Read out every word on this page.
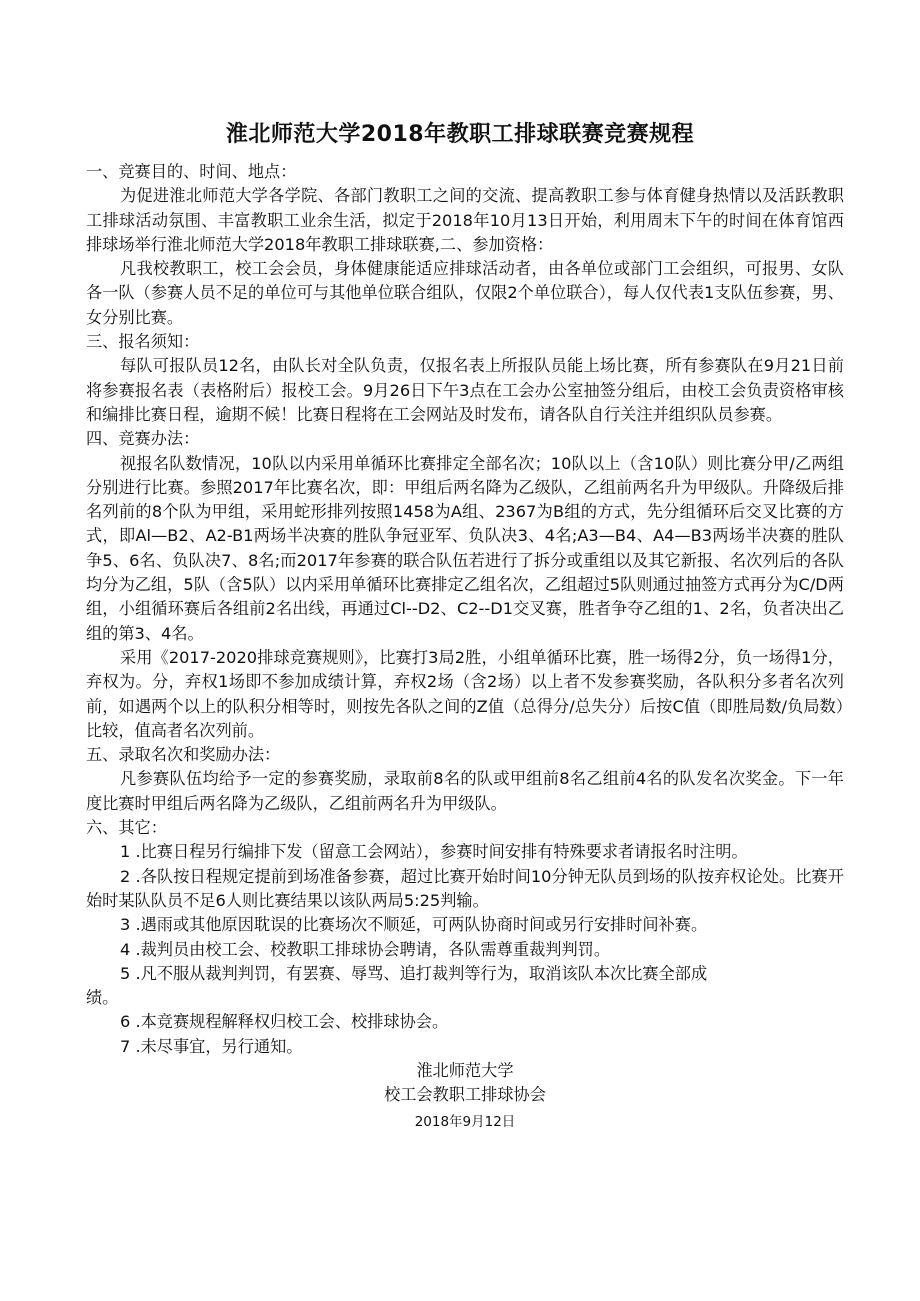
淮北师范大学2018年教职工排球联赛竞赛规程

一、竞赛目的、时间、地点：

为促进淮北师范大学各学院、各部门教职工之间的交流、提高教职工参与体育健身热情以及活跃教职工排球活动氛围、丰富教职工业余生活，拟定于2018年10月13日开始，利用周末下午的时间在体育馆西排球场举行淮北师范大学2018年教职工排球联赛,二、参加资格：

凡我校教职工，校工会会员，身体健康能适应排球活动者，由各单位或部门工会组织，可报男、女队各一队（参赛人员不足的单位可与其他单位联合组队，仅限2个单位联合），每人仅代表1支队伍参赛，男、女分别比赛。

三、报名须知：

每队可报队员12名，由队长对全队负责，仅报名表上所报队员能上场比赛，所有参赛队在9月21日前将参赛报名表（表格附后）报校工会。9月26日下午3点在工会办公室抽签分组后，由校工会负责资格审核和编排比赛日程，逾期不候！比赛日程将在工会网站及时发布，请各队自行关注并组织队员参赛。

四、竞赛办法：

视报名队数情况，10队以内采用单循环比赛排定全部名次；10队以上（含10队）则比赛分甲/乙两组分别进行比赛。参照2017年比赛名次，即：甲组后两名降为乙级队，乙组前两名升为甲级队。升降级后排名列前的8个队为甲组，采用蛇形排列按照1458为A组、2367为B组的方式，先分组循环后交叉比赛的方式，即Al—B2、A2-B1两场半决赛的胜队争冠亚军、负队决3、4名;A3—B4、A4—B3两场半决赛的胜队争5、6名、负队决7、8名;而2017年参赛的联合队伍若进行了拆分或重组以及其它新报、名次列后的各队均分为乙组，5队（含5队）以内采用单循环比赛排定乙组名次，乙组超过5队则通过抽签方式再分为C/D两组，小组循环赛后各组前2名出线，再通过Cl--D2、C2--D1交叉赛，胜者争夺乙组的1、2名，负者决出乙组的第3、4名。

采用《2017-2020排球竞赛规则》，比赛打3局2胜，小组单循环比赛，胜一场得2分，负一场得1分，弃权为。分，弃权1场即不参加成绩计算，弃权2场（含2场）以上者不发参赛奖励，各队积分多者名次列前，如遇两个以上的队积分相等时，则按先各队之间的Z值（总得分/总失分）后按C值（即胜局数/负局数）比较，值高者名次列前。

五、录取名次和奖励办法：

凡参赛队伍均给予一定的参赛奖励，录取前8名的队或甲组前8名乙组前4名的队发名次奖金。下一年度比赛时甲组后两名降为乙级队，乙组前两名升为甲级队。

六、其它：

1 .比赛日程另行编排下发（留意工会网站），参赛时间安排有特殊要求者请报名时注明。

2 .各队按日程规定提前到场准备参赛，超过比赛开始时间10分钟无队员到场的队按弃权论处。比赛开始时某队队员不足6人则比赛结果以该队两局5:25判输。

3 .遇雨或其他原因耽误的比赛场次不顺延，可两队协商时间或另行安排时间补赛。

4 .裁判员由校工会、校教职工排球协会聘请，各队需尊重裁判判罚。

5 .凡不服从裁判判罚，有罢赛、辱骂、追打裁判等行为，取消该队本次比赛全部成

绩。

6 .本竞赛规程解释权归校工会、校排球协会。

7 .未尽事宜，另行通知。

淮北师范大学

校工会教职工排球协会

2018年9月12日
